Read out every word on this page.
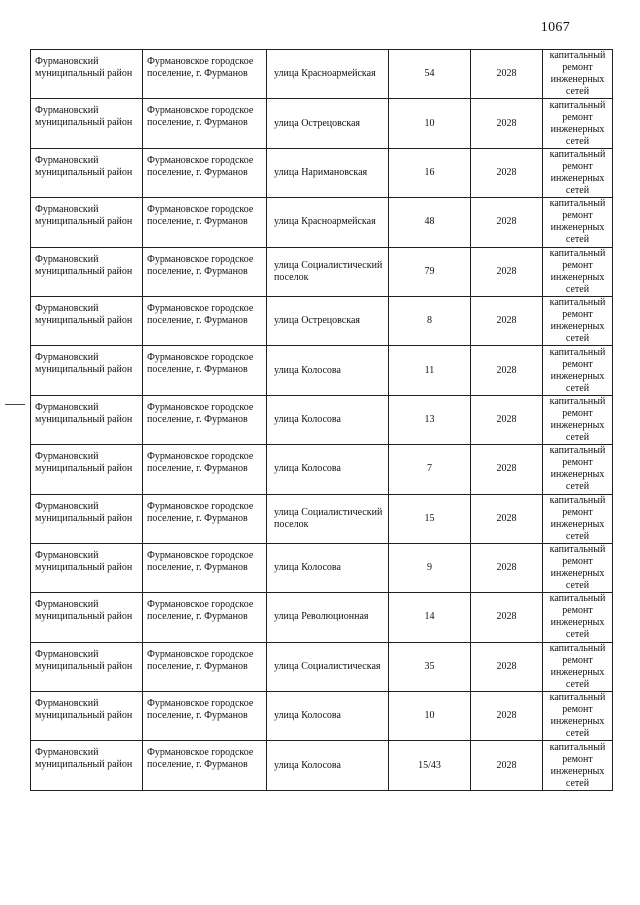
1067
Фурмановский муниципальный район	Фурмановское городское поселение, г. Фурманов	улица Красноармейская	54	2028	капитальный ремонт инженерных сетей
Фурмановский муниципальный район	Фурмановское городское поселение, г. Фурманов	улица Острецовская	10	2028	капитальный ремонт инженерных сетей
Фурмановский муниципальный район	Фурмановское городское поселение, г. Фурманов	улица Наримановская	16	2028	капитальный ремонт инженерных сетей
Фурмановский муниципальный район	Фурмановское городское поселение, г. Фурманов	улица Красноармейская	48	2028	капитальный ремонт инженерных сетей
Фурмановский муниципальный район	Фурмановское городское поселение, г. Фурманов	улица Социалистический поселок	79	2028	капитальный ремонт инженерных сетей
Фурмановский муниципальный район	Фурмановское городское поселение, г. Фурманов	улица Острецовская	8	2028	капитальный ремонт инженерных сетей
Фурмановский муниципальный район	Фурмановское городское поселение, г. Фурманов	улица Колосова	11	2028	капитальный ремонт инженерных сетей
Фурмановский муниципальный район	Фурмановское городское поселение, г. Фурманов	улица Колосова	13	2028	капитальный ремонт инженерных сетей
Фурмановский муниципальный район	Фурмановское городское поселение, г. Фурманов	улица Колосова	7	2028	капитальный ремонт инженерных сетей
Фурмановский муниципальный район	Фурмановское городское поселение, г. Фурманов	улица Социалистический поселок	15	2028	капитальный ремонт инженерных сетей
Фурмановский муниципальный район	Фурмановское городское поселение, г. Фурманов	улица Колосова	9	2028	капитальный ремонт инженерных сетей
Фурмановский муниципальный район	Фурмановское городское поселение, г. Фурманов	улица Революционная	14	2028	капитальный ремонт инженерных сетей
Фурмановский муниципальный район	Фурмановское городское поселение, г. Фурманов	улица Социалистическая	35	2028	капитальный ремонт инженерных сетей
Фурмановский муниципальный район	Фурмановское городское поселение, г. Фурманов	улица Колосова	10	2028	капитальный ремонт инженерных сетей
Фурмановский муниципальный район	Фурмановское городское поселение, г. Фурманов	улица Колосова	15/43	2028	капитальный ремонт инженерных сетей
